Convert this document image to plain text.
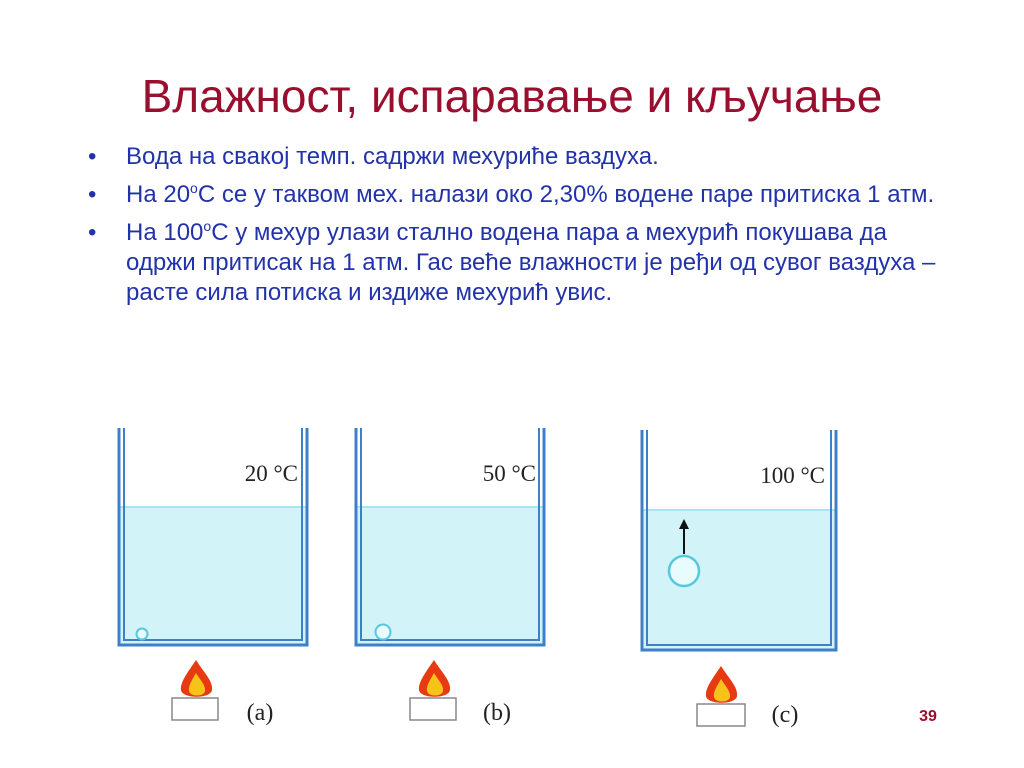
Влажност, испаравање и кључање
• Вода на свакој темп. садржи мехуриће ваздуха.
• На 20$^o$С се у таквом мех. налази око 2,30% водене паре притиска 1 атм.
• На 100$^o$С у мехур улази стално водена пара а мехурић покушава да одржи притисак на 1 атм. Гас веће влажности је ређи од сувог ваздуха – расте сила потиска и издиже мехурић увис.
20 °C
(a)
50 °C
(b)
100 °C
(c)	39
